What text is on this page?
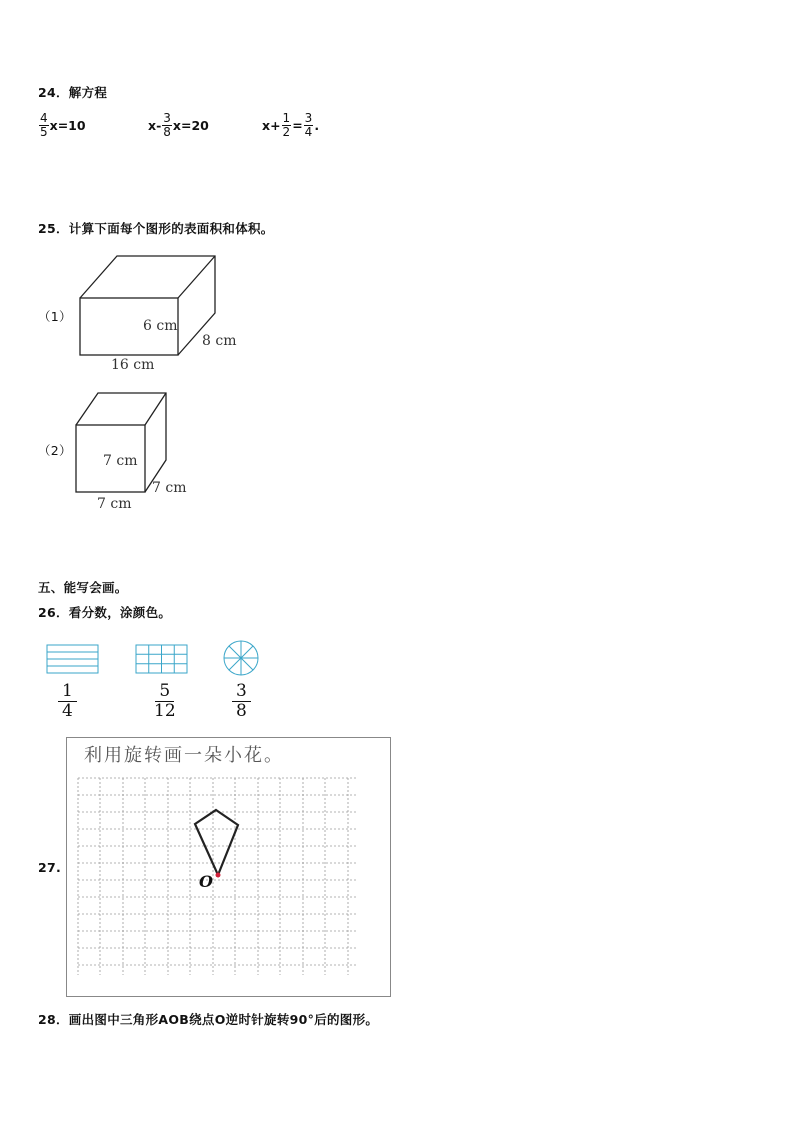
24．解方程
$\frac{4}{5} x=10$	$x- \frac{3}{8} x=20$	$x+ \frac{1}{2} = \frac{3}{4}$ .
25．计算下面每个图形的表面积和体积。
（1）
6 cm
8 cm
16 cm
（2）
7 cm
7 cm
7 cm
五、能写会画。
26．看分数，涂颜色。
$\frac{1}{4}$	$\frac{5}{12}$	$\frac{3}{8}$
27.
利用旋转画一朵小花。
O
28．画出图中三角形AOB绕点O逆时针旋转90°后的图形。
